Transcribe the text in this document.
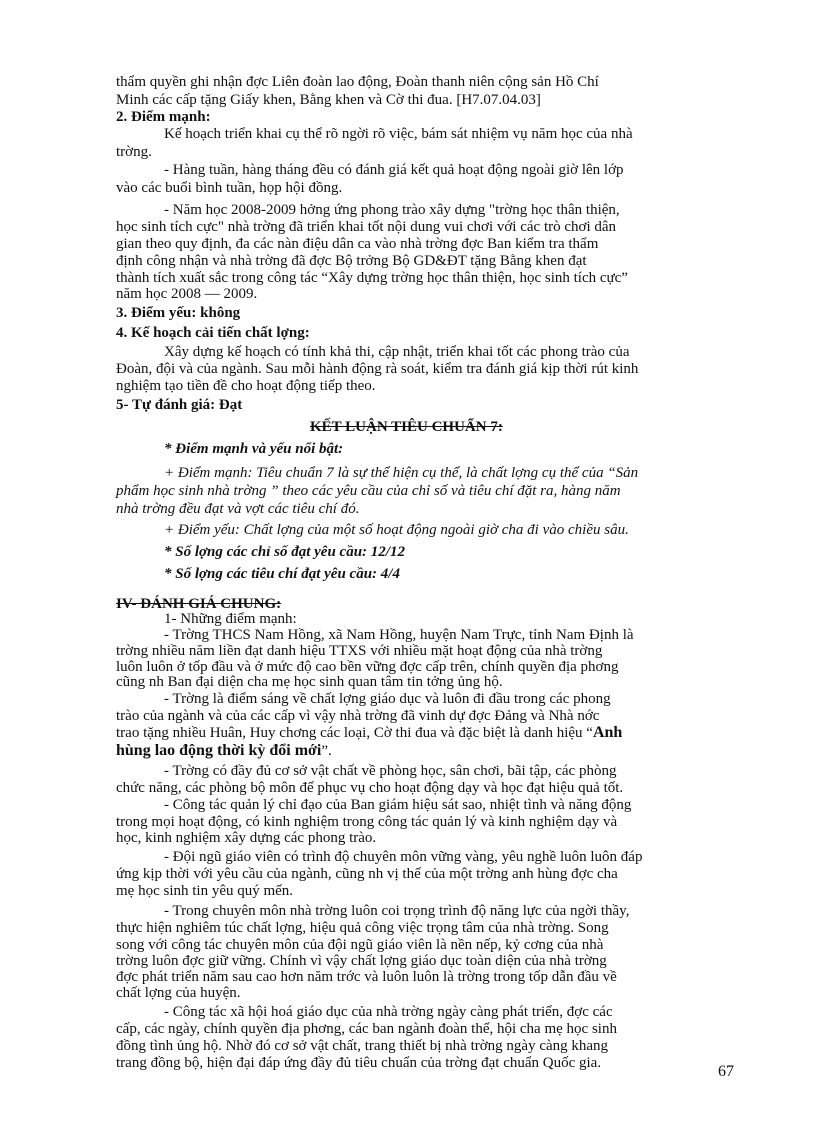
thẩm quyền ghi nhận đợc Liên đoàn lao động, Đoàn thanh niên cộng sản Hồ Chí
Minh các cấp tặng Giấy khen, Bằng khen và Cờ thi đua. [H7.07.04.03]
2. Điểm mạnh:
Kế hoạch triển khai cụ thể rõ ngời rõ việc, bám sát nhiệm vụ năm học của nhà
trờng.
- Hàng tuần, hàng tháng đều có đánh giá kết quả hoạt động ngoài giờ lên lớp
vào các buổi bình tuần, họp hội đồng.
- Năm học 2008-2009 hởng ứng phong trào xây dựng "trờng học thân thiện,
học sinh tích cực" nhà trờng đã triển khai tốt nội dung vui chơi với các trò chơi dân
gian theo quy định, đa các nàn điệu dân ca vào nhà trờng đợc Ban kiểm tra thẩm
định công nhận và nhà trờng đã đợc Bộ trởng Bộ GD&ĐT tặng Bằng khen đạt
thành tích xuất sắc trong công tác “Xây dựng trờng học thân thiện, học sinh tích cực”
năm học 2008 — 2009.
3. Điểm yếu: không
4. Kế hoạch cải tiến chất lợng:
Xây dựng kế hoạch có tính khả thi, cập nhật, triển khai tốt các phong trào của
Đoàn, đội và của ngành. Sau mỗi hành động rà soát, kiểm tra đánh giá kịp thời rút kinh
nghiệm tạo tiền đề cho hoạt động tiếp theo.
5- Tự đánh giá: Đạt
KẾT LUẬN TIÊU CHUẨN 7:
* Điểm mạnh và yếu nổi bật:
+ Điểm mạnh: Tiêu chuẩn 7 là sự thể hiện cụ thể, là chất lợng cụ thể của “Sản
phẩm học sinh nhà trờng ” theo các yêu cầu của chỉ số và tiêu chí đặt ra, hàng năm
nhà trờng đều đạt và vợt các tiêu chí đó.
+ Điểm yếu: Chất lợng của một số hoạt động ngoài giờ cha đi vào chiều sâu.
* Số lợng các chỉ số đạt yêu cầu: 12/12
* Số lợng các tiêu chí đạt yêu cầu: 4/4
IV- ĐÁNH GIÁ CHUNG:
1- Những điểm mạnh:
- Trờng THCS Nam Hồng, xã Nam Hồng, huyện Nam Trực, tỉnh Nam Định là
trờng nhiều năm liền đạt danh hiệu TTXS với nhiều mặt hoạt động của nhà trờng
luôn luôn ở tốp đầu và ở mức độ cao bền vững đợc cấp trên, chính quyền địa phơng
cũng nh Ban đại diện cha mẹ học sinh quan tâm tin tởng ủng hộ.
- Trờng là điểm sáng về chất lợng giáo dục và luôn đi đầu trong các phong
trào của ngành và của các cấp vì vậy nhà trờng đã vinh dự đợc Đảng và Nhà nớc
trao tặng nhiều Huân, Huy chơng các loại, Cờ thi đua và đặc biệt là danh hiệu “Anh
hùng lao động thời kỳ đổi mới”.
- Trờng có đầy đủ cơ sở vật chất về phòng học, sân chơi, bãi tập, các phòng
chức năng, các phòng bộ môn để phục vụ cho hoạt động dạy và học đạt hiệu quả tốt.
- Công tác quản lý chỉ đạo của Ban giám hiệu sát sao, nhiệt tình và năng động
trong mọi hoạt động, có kinh nghiệm trong công tác quản lý và kinh nghiệm dạy và
học, kinh nghiệm xây dựng các phong trào.
- Đội ngũ giáo viên có trình độ chuyên môn vững vàng, yêu nghề luôn luôn đáp
ứng kịp thời với yêu cầu của ngành, cũng nh vị thế của một trờng anh hùng đợc cha
mẹ học sinh tin yêu quý mến.
- Trong chuyên môn nhà trờng luôn coi trọng trình độ năng lực của ngời thầy,
thực hiện nghiêm túc chất lợng, hiệu quả công việc trọng tâm của nhà trờng. Song
song với công tác chuyên môn của đội ngũ giáo viên là nền nếp, kỷ cơng của nhà
trờng luôn đợc giữ vững. Chính vì vậy chất lợng giáo dục toàn diện của nhà trờng
đợc phát triển năm sau cao hơn năm trớc và luôn luôn là trờng trong tốp dẫn đầu về
chất lợng của huyện.
- Công tác xã hội hoá giáo dục của nhà trờng ngày càng phát triển, đợc các
cấp, các ngày, chính quyền địa phơng, các ban ngành đoàn thể, hội cha mẹ học sinh
đồng tình ủng hộ. Nhờ đó cơ sở vật chất, trang thiết bị nhà trờng ngày càng khang
trang đồng bộ, hiện đại đáp ứng đầy đủ tiêu chuẩn của trờng đạt chuẩn Quốc gia.	67
